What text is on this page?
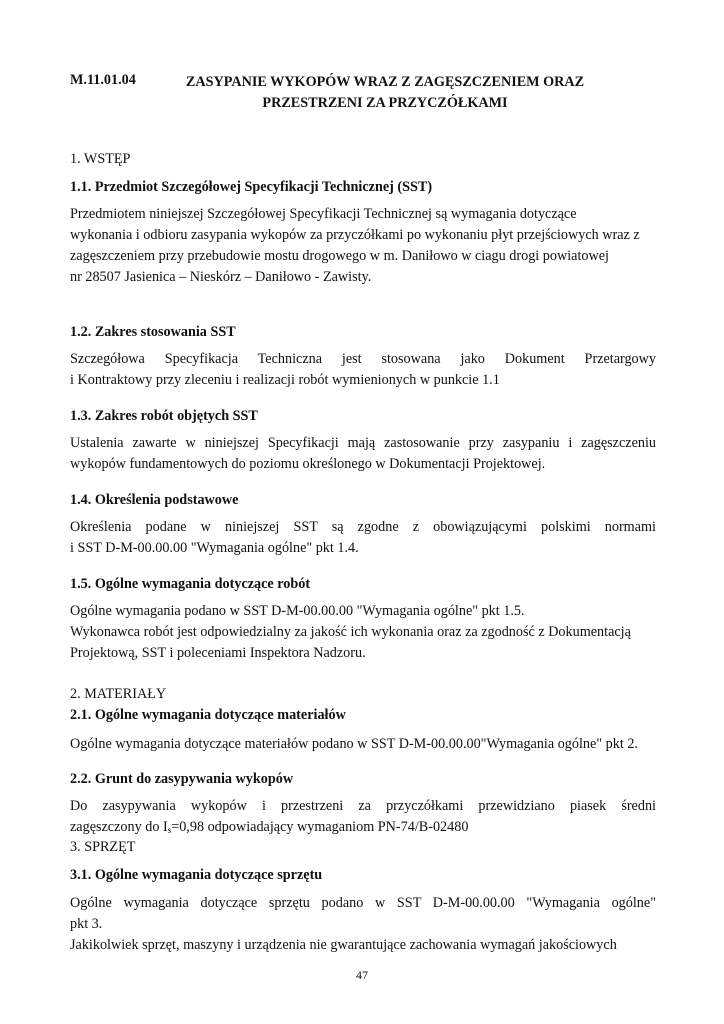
M.11.01.04	ZASYPANIE WYKOPÓW WRAZ Z ZAGĘSZCZENIEM ORAZ
PRZESTRZENI ZA PRZYCZÓŁKAMI
1. WSTĘP
1.1. Przedmiot Szczegółowej Specyfikacji Technicznej (SST)
Przedmiotem niniejszej Szczegółowej Specyfikacji Technicznej są wymagania dotyczące
wykonania i odbioru zasypania wykopów za przyczółkami po wykonaniu płyt przejściowych wraz z
zagęszczeniem przy przebudowie mostu drogowego w m. Daniłowo w ciagu drogi powiatowej
nr 28507 Jasienica – Nieskórz – Daniłowo - Zawisty.
1.2. Zakres stosowania SST
Szczegółowa Specyfikacja Techniczna jest stosowana jako Dokument Przetargowy
i Kontraktowy przy zleceniu i realizacji robót wymienionych w punkcie 1.1
1.3. Zakres robót objętych SST
Ustalenia zawarte w niniejszej Specyfikacji mają zastosowanie przy zasypaniu i zagęszczeniu
wykopów fundamentowych do poziomu określonego w Dokumentacji Projektowej.
1.4. Określenia podstawowe
Określenia podane w niniejszej SST są zgodne z obowiązującymi polskimi normami
i SST D-M-00.00.00 "Wymagania ogólne" pkt 1.4.
1.5. Ogólne wymagania dotyczące robót
Ogólne wymagania podano w SST D-M-00.00.00 "Wymagania ogólne" pkt 1.5.
Wykonawca robót jest odpowiedzialny za jakość ich wykonania oraz za zgodność z Dokumentacją
Projektową, SST i poleceniami Inspektora Nadzoru.
2. MATERIAŁY
2.1. Ogólne wymagania dotyczące materiałów
Ogólne wymagania dotyczące materiałów podano w SST D-M-00.00.00"Wymagania ogólne" pkt 2.
2.2. Grunt do zasypywania wykopów
Do zasypywania wykopów i przestrzeni za przyczółkami przewidziano piasek średni
zagęszczony do $I_s=0,98$ odpowiadający wymaganiom PN-74/B-02480
3. SPRZĘT
3.1. Ogólne wymagania dotyczące sprzętu
Ogólne wymagania dotyczące sprzętu podano w SST D-M-00.00.00 "Wymagania ogólne"
pkt 3.
Jakikolwiek sprzęt, maszyny i urządzenia nie gwarantujące zachowania wymagań jakościowych
47
